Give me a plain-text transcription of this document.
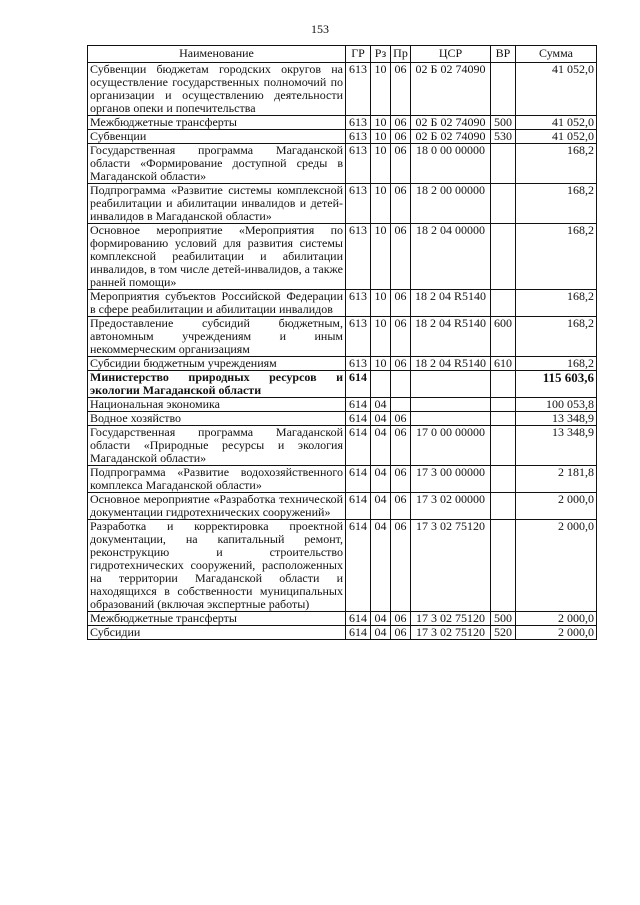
153
Наименование	ГР	Рз	Пр	ЦСР	ВР	Сумма
Субвенции бюджетам городских округов на осуществление государственных полномочий по организации и осуществлению деятельности органов опеки и попечительства	613	10	06	02 Б 02 74090		41 052,0
Межбюджетные трансферты	613	10	06	02 Б 02 74090	500	41 052,0
Субвенции	613	10	06	02 Б 02 74090	530	41 052,0
Государственная программа Магаданской области «Формирование доступной среды в Магаданской области»	613	10	06	18 0 00 00000		168,2
Подпрограмма «Развитие системы комплексной реабилитации и абилитации инвалидов и детей-инвалидов в Магаданской области»	613	10	06	18 2 00 00000		168,2
Основное мероприятие «Мероприятия по формированию условий для развития системы комплексной реабилитации и абилитации инвалидов, в том числе детей-инвалидов, а также ранней помощи»	613	10	06	18 2 04 00000		168,2
Мероприятия субъектов Российской Федерации в сфере реабилитации и абилитации инвалидов	613	10	06	18 2 04 R5140		168,2
Предоставление субсидий бюджетным, автономным учреждениям и иным некоммерческим организациям	613	10	06	18 2 04 R5140	600	168,2
Субсидии бюджетным учреждениям	613	10	06	18 2 04 R5140	610	168,2
Министерство природных ресурсов и экологии Магаданской области	614					115 603,6
Национальная экономика	614	04				100 053,8
Водное хозяйство	614	04	06			13 348,9
Государственная программа Магаданской области «Природные ресурсы и экология Магаданской области»	614	04	06	17 0 00 00000		13 348,9
Подпрограмма «Развитие водохозяйственного комплекса Магаданской области»	614	04	06	17 3 00 00000		2 181,8
Основное мероприятие «Разработка технической документации гидротехнических сооружений»	614	04	06	17 3 02 00000		2 000,0
Разработка и корректировка проектной документации, на капитальный ремонт, реконструкцию и строительство гидротехнических сооружений, расположенных на территории Магаданской области и находящихся в собственности муниципальных образований (включая экспертные работы)	614	04	06	17 3 02 75120		2 000,0
Межбюджетные трансферты	614	04	06	17 3 02 75120	500	2 000,0
Субсидии	614	04	06	17 3 02 75120	520	2 000,0
